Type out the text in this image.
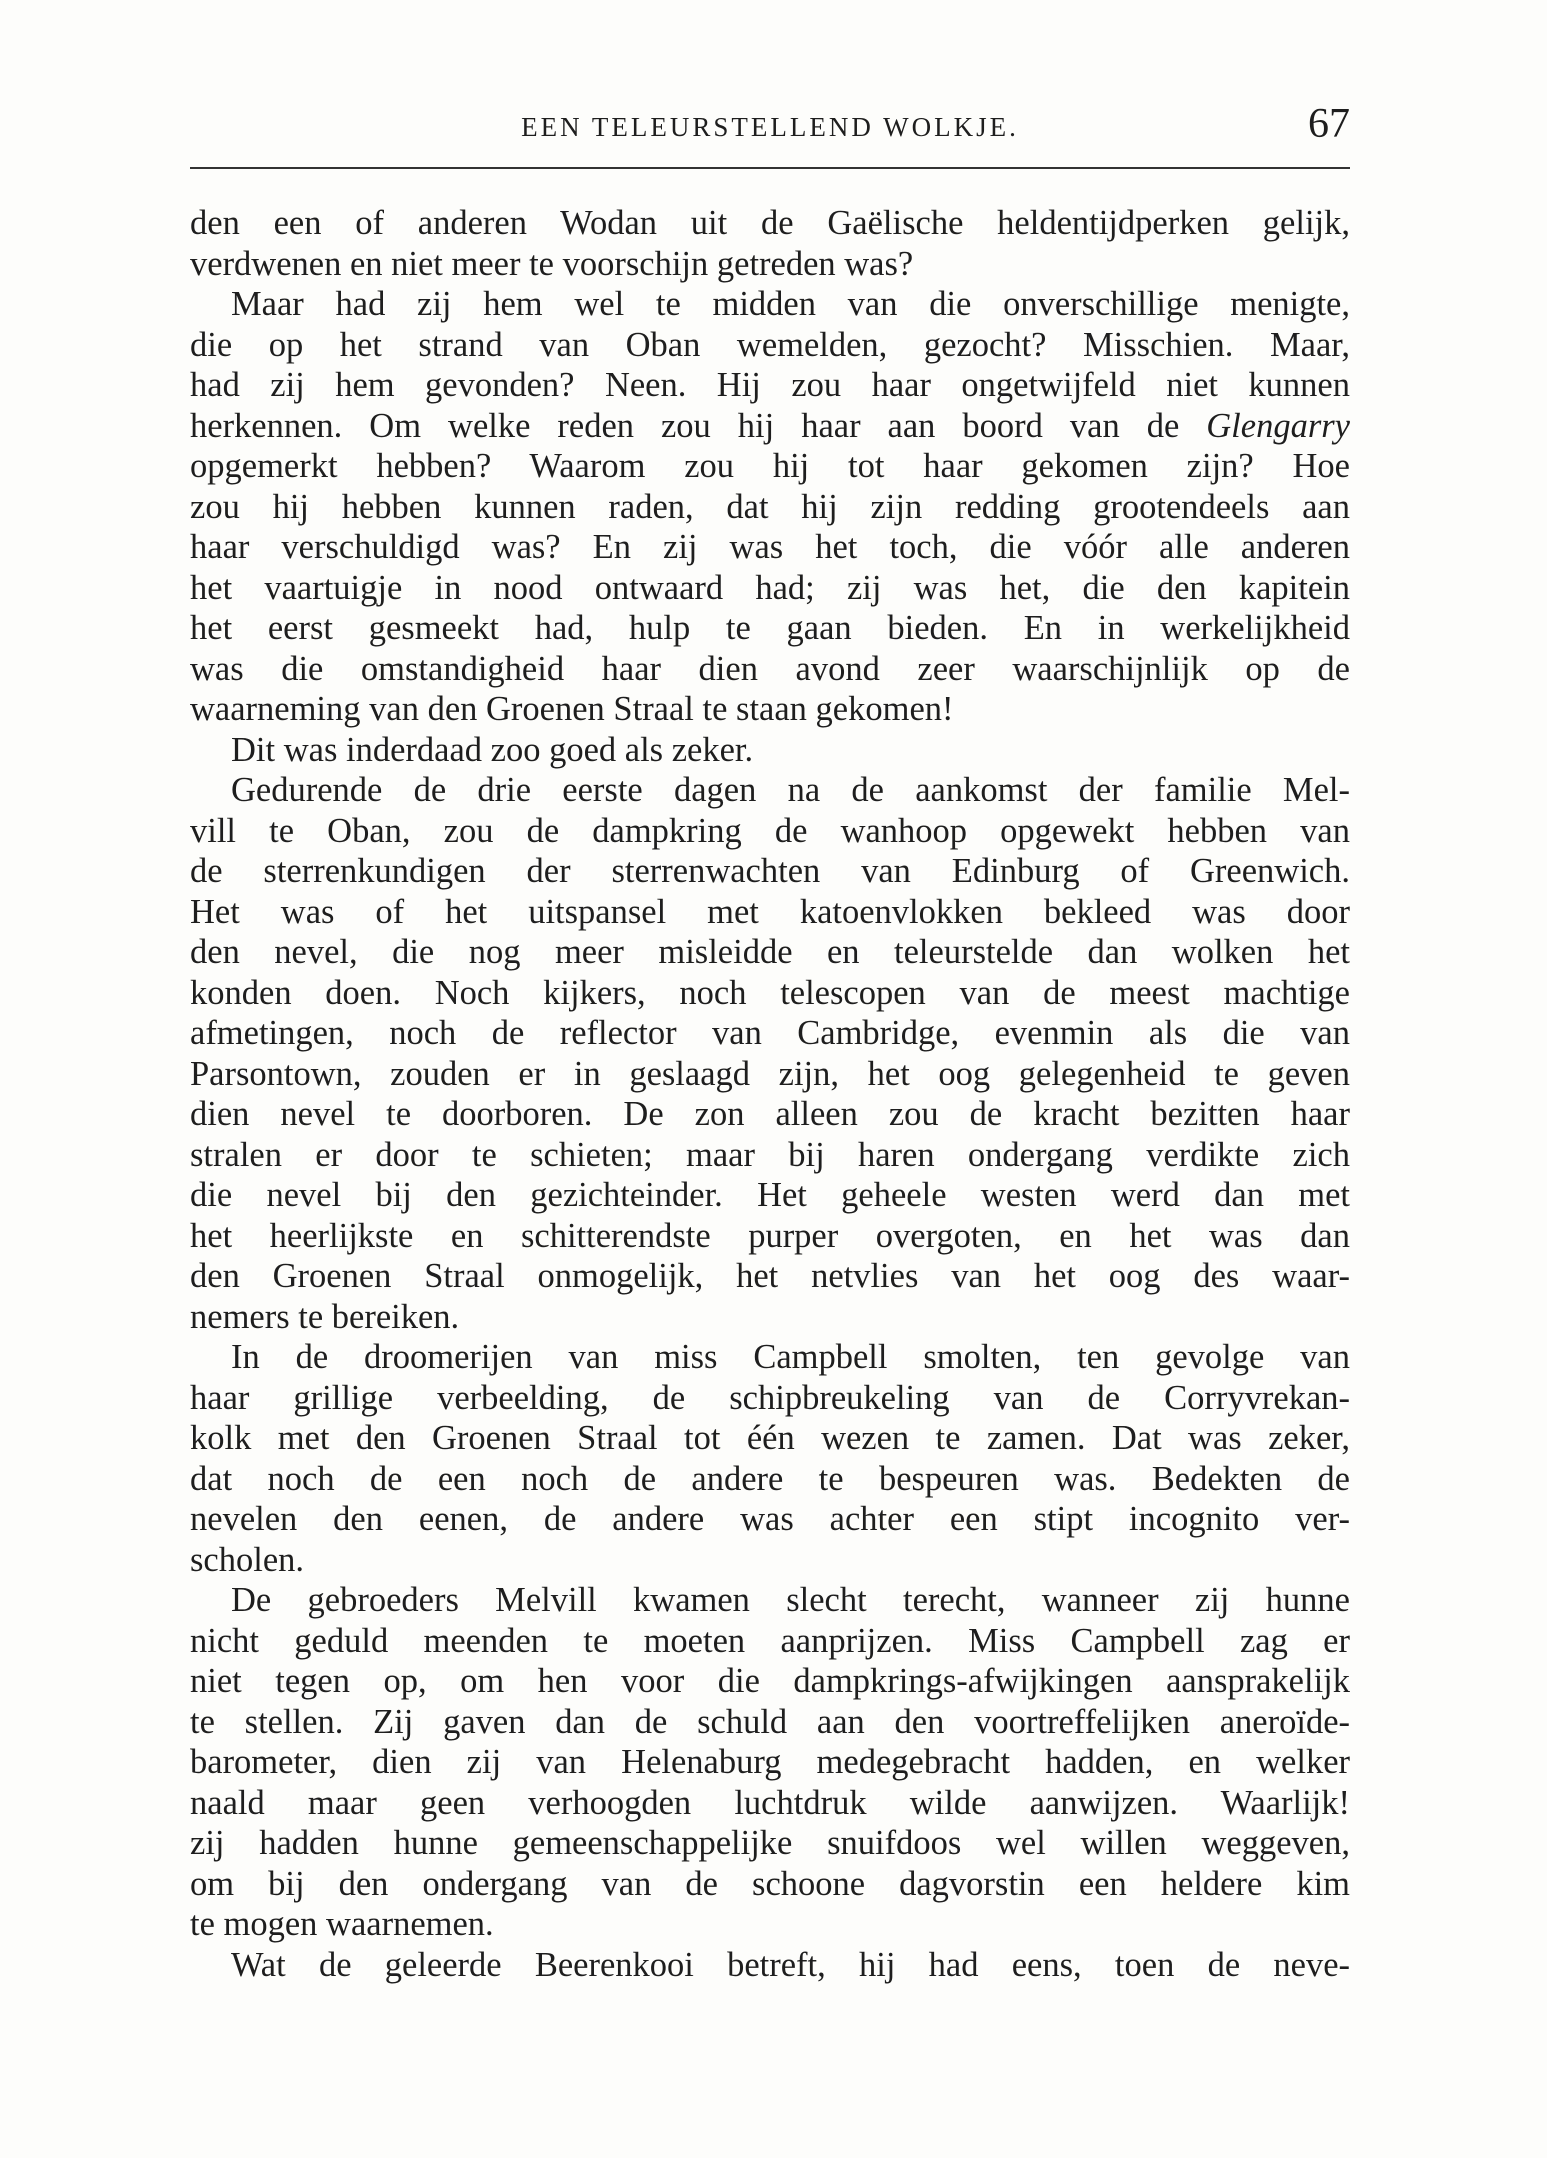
EEN TELEURSTELLEND WOLKJE.	67
den een of anderen Wodan uit de Gaëlische heldentijdperken gelijk,
verdwenen en niet meer te voorschijn getreden was?
Maar had zij hem wel te midden van die onverschillige menigte,
die op het strand van Oban wemelden, gezocht? Misschien. Maar,
had zij hem gevonden? Neen. Hij zou haar ongetwijfeld niet kunnen
herkennen. Om welke reden zou hij haar aan boord van de Glengarry
opgemerkt hebben? Waarom zou hij tot haar gekomen zijn? Hoe
zou hij hebben kunnen raden, dat hij zijn redding grootendeels aan
haar verschuldigd was? En zij was het toch, die vóór alle anderen
het vaartuigje in nood ontwaard had; zij was het, die den kapitein
het eerst gesmeekt had, hulp te gaan bieden. En in werkelijkheid
was die omstandigheid haar dien avond zeer waarschijnlijk op de
waarneming van den Groenen Straal te staan gekomen!
Dit was inderdaad zoo goed als zeker.
Gedurende de drie eerste dagen na de aankomst der familie Mel-
vill te Oban, zou de dampkring de wanhoop opgewekt hebben van
de sterrenkundigen der sterrenwachten van Edinburg of Greenwich.
Het was of het uitspansel met katoenvlokken bekleed was door
den nevel, die nog meer misleidde en teleurstelde dan wolken het
konden doen. Noch kijkers, noch telescopen van de meest machtige
afmetingen, noch de reflector van Cambridge, evenmin als die van
Parsontown, zouden er in geslaagd zijn, het oog gelegenheid te geven
dien nevel te doorboren. De zon alleen zou de kracht bezitten haar
stralen er door te schieten; maar bij haren ondergang verdikte zich
die nevel bij den gezichteinder. Het geheele westen werd dan met
het heerlijkste en schitterendste purper overgoten, en het was dan
den Groenen Straal onmogelijk, het netvlies van het oog des waar-
nemers te bereiken.
In de droomerijen van miss Campbell smolten, ten gevolge van
haar grillige verbeelding, de schipbreukeling van de Corryvrekan-
kolk met den Groenen Straal tot één wezen te zamen. Dat was zeker,
dat noch de een noch de andere te bespeuren was. Bedekten de
nevelen den eenen, de andere was achter een stipt incognito ver-
scholen.
De gebroeders Melvill kwamen slecht terecht, wanneer zij hunne
nicht geduld meenden te moeten aanprijzen. Miss Campbell zag er
niet tegen op, om hen voor die dampkrings-afwijkingen aansprakelijk
te stellen. Zij gaven dan de schuld aan den voortreffelijken aneroïde-
barometer, dien zij van Helenaburg medegebracht hadden, en welker
naald maar geen verhoogden luchtdruk wilde aanwijzen. Waarlijk!
zij hadden hunne gemeenschappelijke snuifdoos wel willen weggeven,
om bij den ondergang van de schoone dagvorstin een heldere kim
te mogen waarnemen.
Wat de geleerde Beerenkooi betreft, hij had eens, toen de neve-
